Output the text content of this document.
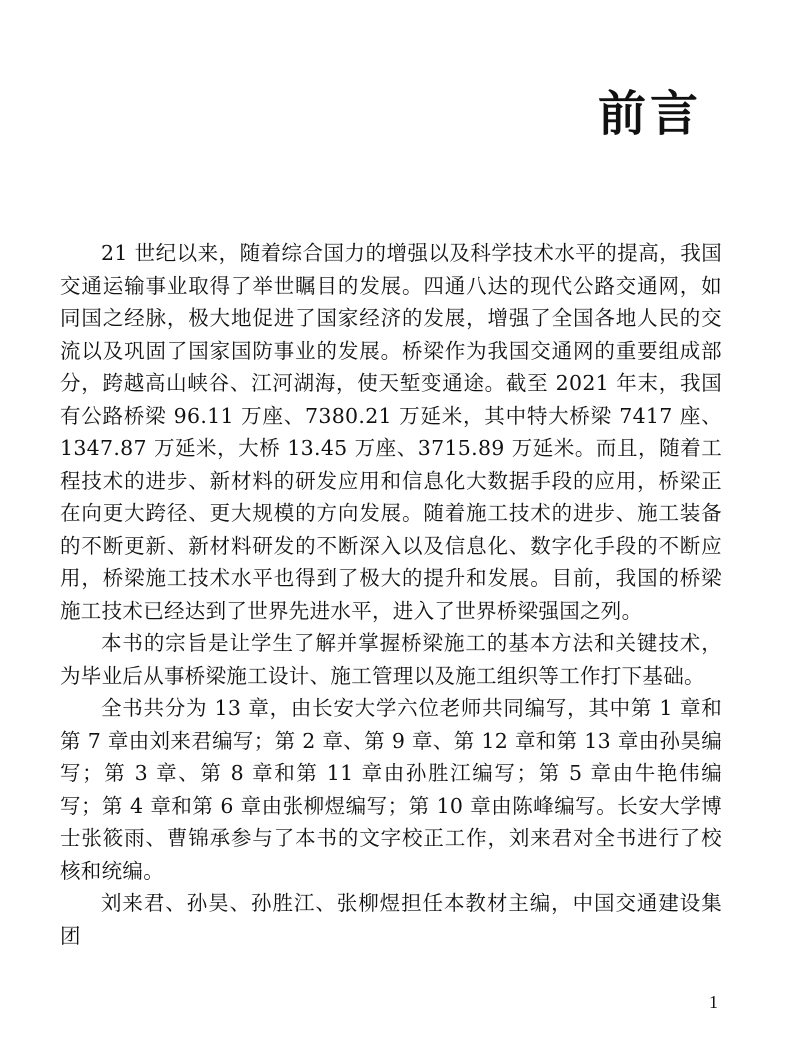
前言

21 世纪以来，随着综合国力的增强以及科学技术水平的提高，我国交通运输事业取得了举世瞩目的发展。四通八达的现代公路交通网，如同国之经脉，极大地促进了国家经济的发展，增强了全国各地人民的交流以及巩固了国家国防事业的发展。桥梁作为我国交通网的重要组成部分，跨越高山峡谷、江河湖海，使天堑变通途。截至 2021 年末，我国有公路桥梁 96.11 万座、7380.21 万延米，其中特大桥梁 7417 座、1347.87 万延米，大桥 13.45 万座、3715.89 万延米。而且，随着工程技术的进步、新材料的研发应用和信息化大数据手段的应用，桥梁正在向更大跨径、更大规模的方向发展。随着施工技术的进步、施工装备的不断更新、新材料研发的不断深入以及信息化、数字化手段的不断应用，桥梁施工技术水平也得到了极大的提升和发展。目前，我国的桥梁施工技术已经达到了世界先进水平，进入了世界桥梁强国之列。

本书的宗旨是让学生了解并掌握桥梁施工的基本方法和关键技术，为毕业后从事桥梁施工设计、施工管理以及施工组织等工作打下基础。

全书共分为 13 章，由长安大学六位老师共同编写，其中第 1 章和第 7 章由刘来君编写；第 2 章、第 9 章、第 12 章和第 13 章由孙昊编写；第 3 章、第 8 章和第 11 章由孙胜江编写；第 5 章由牛艳伟编写；第 4 章和第 6 章由张柳煜编写；第 10 章由陈峰编写。长安大学博士张筱雨、曹锦承参与了本书的文字校正工作，刘来君对全书进行了校核和统编。

刘来君、孙昊、孙胜江、张柳煜担任本教材主编，中国交通建设集团

1
